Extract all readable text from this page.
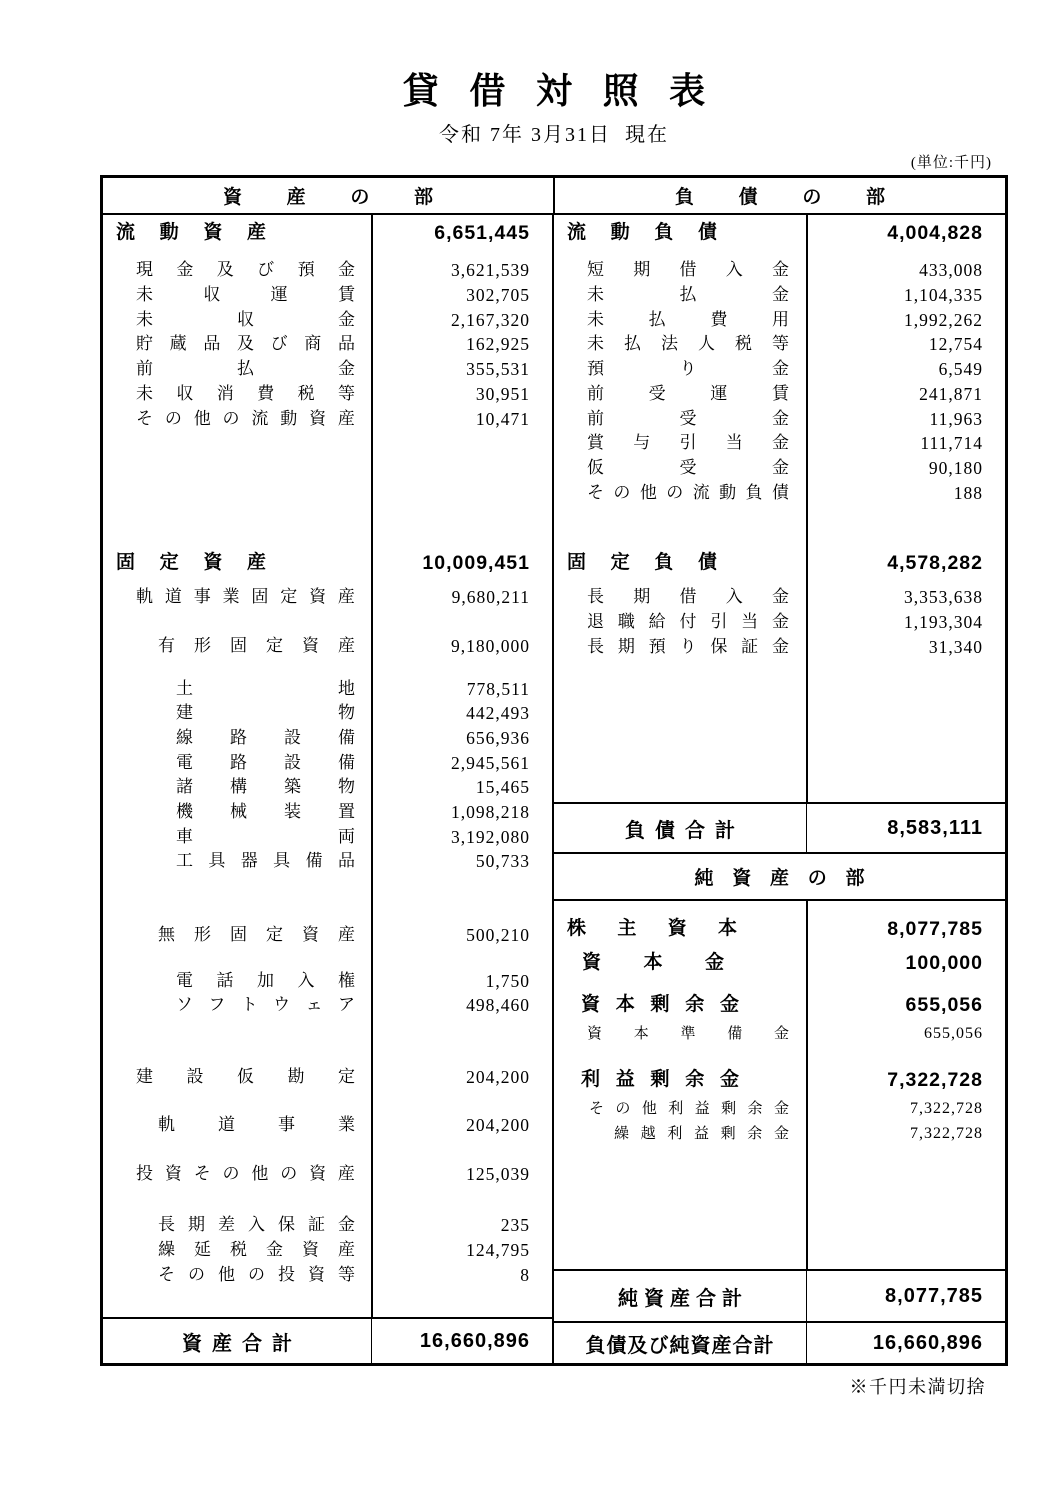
貸借対照表
令和 7年 3月31日  現在
(単位:千円)
資 産 の 部	負 債 の 部
流 動 資 産	6,651,445
現 金 及 び 預 金	3,621,539
未	収	運	賃	302,705
未	収	金	2,167,320
貯 蔵 品 及 び 商 品	162,925
前	払	金	355,531
未 収 消 費 税 等	30,951
そ の 他 の 流 動 資 産	10,471
固 定 資 産	10,009,451
軌 道 事 業 固 定 資 産	9,680,211
有 形 固 定 資 産	9,180,000
土	地	778,511
建	物	442,493
線 路 設 備	656,936
電 路 設 備	2,945,561
諸 構 築 物	15,465
機 械 装 置	1,098,218
車	両	3,192,080
工 具 器 具 備 品	50,733
無 形 固 定 資 産	500,210
電 話 加 入 権	1,750
ソ フ ト ウ ェ ア	498,460
建 設 仮 勘 定	204,200
軌	道	事	業	204,200
投 資 そ の 他 の 資 産	125,039
長 期 差 入 保 証 金	235
繰 延 税 金 資 産	124,795
そ の 他 の 投 資 等	8
資産合計	16,660,896
流 動 負 債	4,004,828
短 期 借 入 金	433,008
未	払	金	1,104,335
未	払	費	用	1,992,262
未 払 法 人 税 等	12,754
預	り	金	6,549
前	受	運	賃	241,871
前	受	金	11,963
賞 与 引 当 金	111,714
仮	受	金	90,180
そ の 他 の 流 動 負 債	188
固 定 負 債	4,578,282
長 期 借 入 金	3,353,638
退 職 給 付 引 当 金	1,193,304
長 期 預 り 保 証 金	31,340
負債合計	8,583,111
純 資 産 の 部
株 主 資 本	8,077,785
資 本 金	100,000
資 本 剰 余 金	655,056
資 本 準 備 金	655,056
利 益 剰 余 金	7,322,728
そ の 他 利 益 剰 余 金	7,322,728
繰 越 利 益 剰 余 金	7,322,728
純資産合計	8,077,785
負債及び純資産合計	16,660,896
※千円未満切捨
